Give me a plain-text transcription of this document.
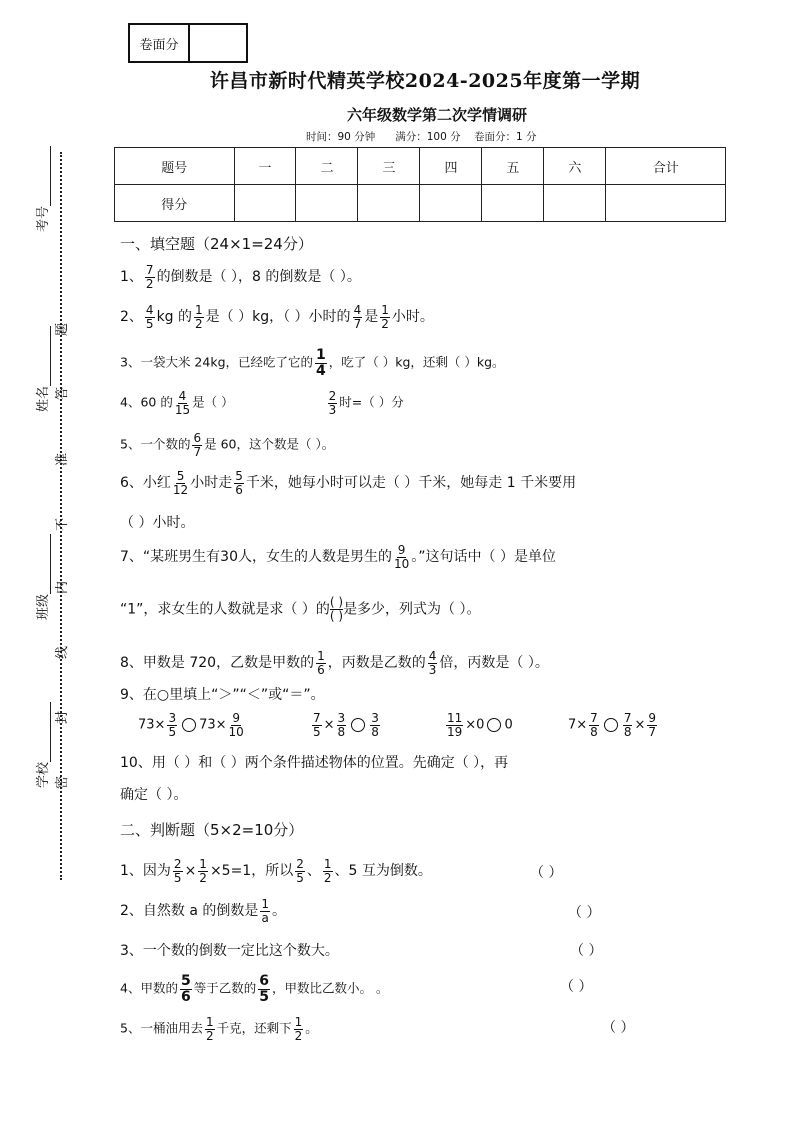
卷面分
许昌市新时代精英学校2024-2025年度第一学期
六年级数学第二次学情调研
时间：90 分钟      满分：100 分    卷面分：1 分
题号	一	二	三	四	五	六	合计
得分							
考号
姓名
班级
学校
题
答
准
不
内
线
封
密
一、填空题（24×1=24分）
1、 $\frac{7}{2}$ 的倒数是（ ），8 的倒数是（ ）。
2、 $\frac{4}{5}$ kg 的 $\frac{1}{2}$ 是（ ）kg，（ ）小时的 $\frac{4}{7}$ 是 $\frac{1}{2}$ 小时。
3、一袋大米 24kg，已经吃了它的 $\frac{1}{4}$ ，吃了（ ）kg，还剩（ ）kg。
4、60 的 $\frac{4}{15}$ 是（ ）	$\frac{2}{3}$ 时=（ ）分
5、一个数的 $\frac{6}{7}$ 是 60，这个数是（ ）。
6、小红 $\frac{5}{12}$ 小时走 $\frac{5}{6}$ 千米，她每小时可以走（ ）千米，她每走 1 千米要用
（ ）小时。
7、“某班男生有30人，女生的人数是男生的 $\frac{9}{10}$ 。”这句话中（ ）是单位
“1”，求女生的人数就是求（ ）的 ( )
( ) 是多少，列式为（ ）。
8、甲数是 720，乙数是甲数的 $\frac{1}{6}$ ，丙数是乙数的 $\frac{4}{3}$ 倍，丙数是（ ）。
9、在○里填上“＞”“＜”或“＝”。
$73\times \frac{3}{5} 73\times \frac{9}{10}$	$\frac{7}{5} \times \frac{3}{8} \frac{3}{8}$	$\frac{11}{19} \times 0$ 0	$7\times \frac{7}{8} \frac{7}{8} \times \frac{9}{7}$
10、用（ ）和（ ）两个条件描述物体的位置。先确定（ ），再
确定（ ）。
二、判断题（5×2=10分）
1、因为 $\frac{2}{5} \times \frac{1}{2} \times 5=1$，所以 $\frac{2}{5}$ 、 $\frac{1}{2}$ 、5 互为倒数。	（ ）
2、自然数 a 的倒数是 $\frac{1}{a}$ 。	（ ）
3、一个数的倒数一定比这个数大。	（ ）
4、甲数的 $\frac{5}{6}$ 等于乙数的 $\frac{6}{5}$ ，甲数比乙数小。 。	（ ）
5、一桶油用去 $\frac{1}{2}$ 千克，还剩下 $\frac{1}{2}$ 。	（ ）
